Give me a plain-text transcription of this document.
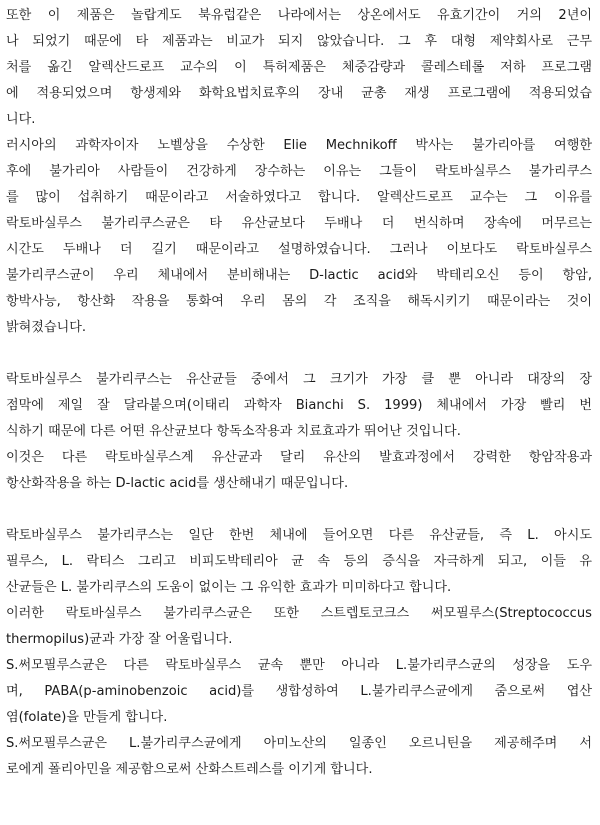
또한 이 제품은 놀랍게도 북유럽같은 나라에서는 상온에서도 유효기간이 거의 2년이
나 되었기 때문에 타 제품과는 비교가 되지 않았습니다. 그 후 대형 제약회사로 근무
처를 옮긴 알렉산드로프 교수의 이 특허제품은 체중감량과 콜레스테롤 저하 프로그램
에 적용되었으며 항생제와 화학요법치료후의 장내 균총 재생 프로그램에 적용되었습
니다.
러시아의 과학자이자 노벨상을 수상한 Elie Mechnikoff 박사는 불가리아를 여행한
후에 불가리아 사람들이 건강하게 장수하는 이유는 그들이 락토바실루스 불가리쿠스
를 많이 섭취하기 때문이라고 서술하였다고 합니다. 알렉산드로프 교수는 그 이유를
락토바실루스 불가리쿠스균은 타 유산균보다 두배나 더 번식하며 장속에 머무르는
시간도 두배나 더 길기 때문이라고 설명하였습니다. 그러나 이보다도 락토바실루스
불가리쿠스균이 우리 체내에서 분비해내는 D-lactic acid와 박테리오신 등이 항암,
항박사능, 항산화 작용을 통화여 우리 몸의 각 조직을 해독시키기 때문이라는 것이
밝혀졌습니다.
락토바실루스 불가리쿠스는 유산균들 중에서 그 크기가 가장 클 뿐 아니라 대장의 장
점막에 제일 잘 달라붙으며(이태리 과학자 Bianchi S. 1999) 체내에서 가장 빨리 번
식하기 때문에 다른 어떤 유산균보다 항독소작용과 치료효과가 뛰어난 것입니다.
이것은 다른 락토바실루스계 유산균과 달리 유산의 발효과정에서 강력한 항암작용과
항산화작용을 하는 D-lactic acid를 생산해내기 때문입니다.
락토바실루스 불가리쿠스는 일단 한번 체내에 들어오면 다른 유산균들, 즉 L. 아시도
필루스, L. 락티스 그리고 비피도박테리아 균 속 등의 증식을 자극하게 되고, 이들 유
산균들은 L. 불가리쿠스의 도움이 없이는 그 유익한 효과가 미미하다고 합니다.
이러한 락토바실루스 불가리쿠스균은 또한 스트렙토코크스 써모필루스(Streptococcus
thermopilus)균과 가장 잘 어울립니다.
S.써모필루스균은 다른 락토바실루스 균속 뿐만 아니라 L.불가리쿠스균의 성장을 도우
며, PABA(p-aminobenzoic acid)를 생합성하여 L.불가리쿠스균에게 줌으로써 엽산
염(folate)을 만들게 합니다.
S.써모필루스균은 L.불가리쿠스균에게 아미노산의 일종인 오르니틴을 제공해주며 서
로에게 폴리아민을 제공함으로써 산화스트레스를 이기게 합니다.
